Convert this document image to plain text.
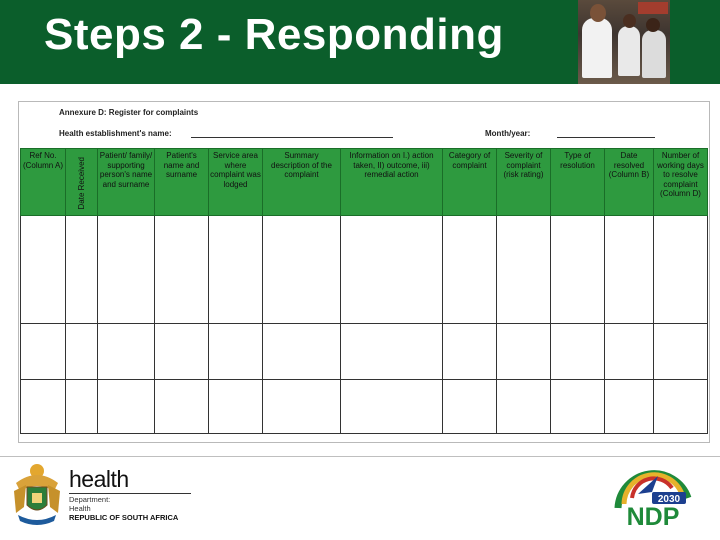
Steps 2 - Responding
Annexure D: Register for complaints
Health establishment's name:	Month/year:
Ref No. (Column A)	Date Received	Patient/ family/ supporting person's name and surname	Patient's name and surname	Service area where complaint was lodged	Summary description of the complaint	Information on I.) action taken, II) outcome, iii) remedial action	Category of complaint	Severity of complaint (risk rating)	Type of resolution	Date resolved (Column B)	Number of working days to resolve complaint (Column D)

health
Department:
Health
REPUBLIC OF SOUTH AFRICA
2030
NDP
